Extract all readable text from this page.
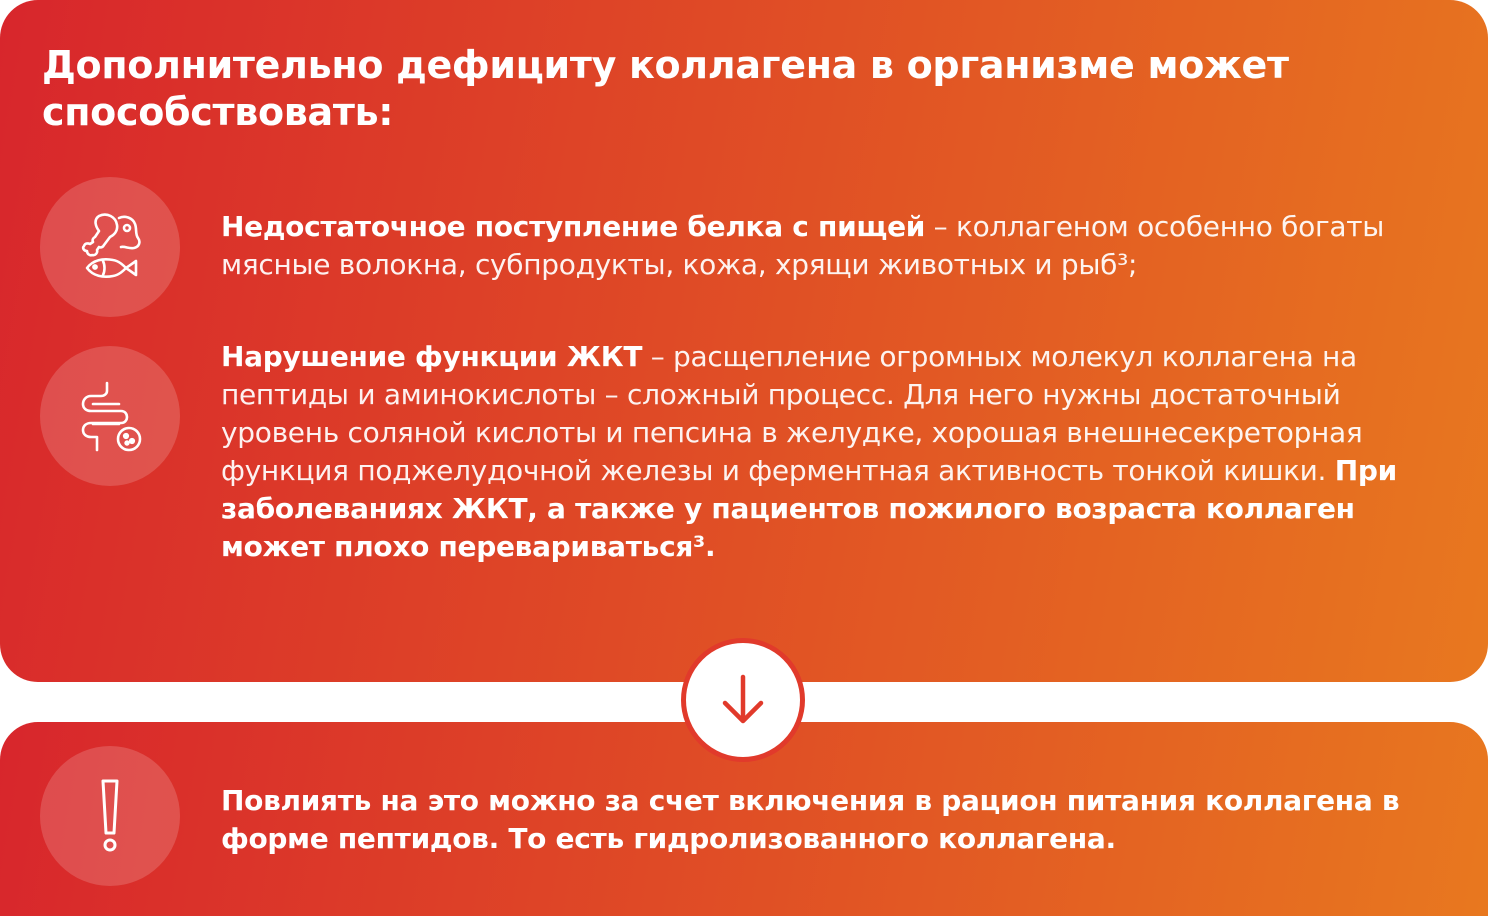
Дополнительно дефициту коллагена в организме может способствовать:

Недостаточное поступление белка с пищей – коллагеном особенно богаты мясные волокна, субпродукты, кожа, хрящи животных и рыб³;

Нарушение функции ЖКТ – расщепление огромных молекул коллагена на пептиды и аминокислоты – сложный процесс. Для него нужны достаточный уровень соляной кислоты и пепсина в желудке, хорошая внешнесекреторная функция поджелудочной железы и ферментная активность тонкой кишки. При заболеваниях ЖКТ, а также у пациентов пожилого возраста коллаген может плохо перевариваться³.

Повлиять на это можно за счет включения в рацион питания коллагена в форме пептидов. То есть гидролизованного коллагена.
